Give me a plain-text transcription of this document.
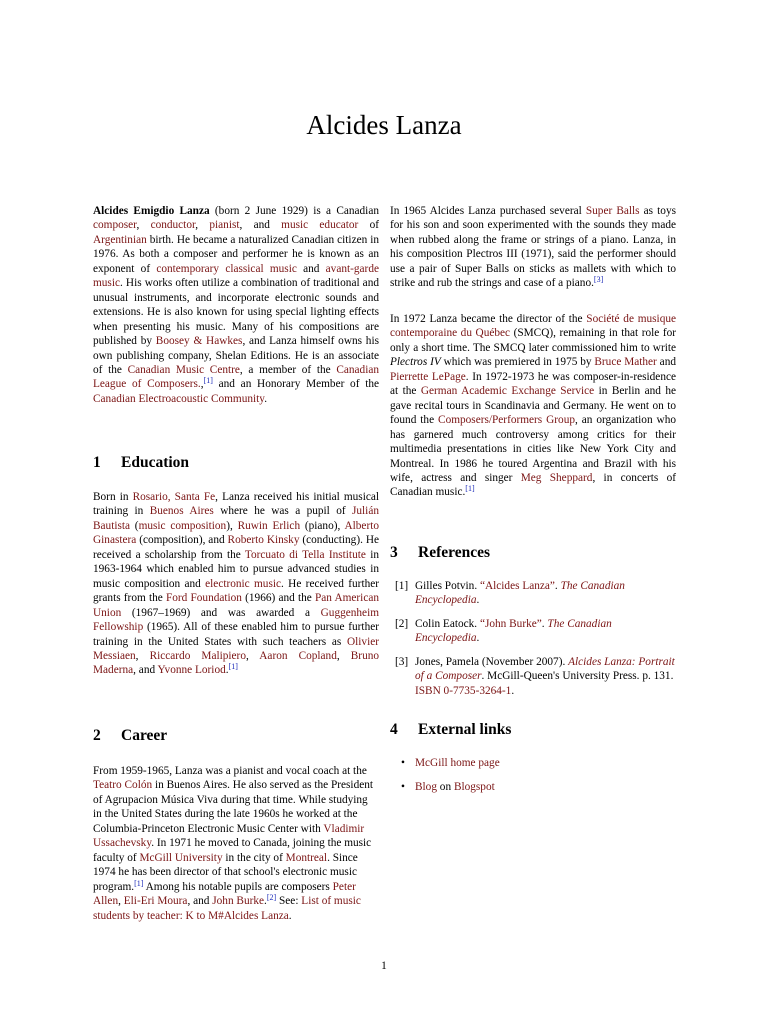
Alcides Lanza

Alcides Emigdio Lanza (born 2 June 1929) is a Canadian composer, conductor, pianist, and music educator of Argentinian birth. He became a naturalized Canadian citizen in 1976. As both a composer and performer he is known as an exponent of contemporary classical music and avant-garde music. His works often utilize a combination of traditional and unusual instruments, and incorporate electronic sounds and extensions. He is also known for using special lighting effects when presenting his music. Many of his compositions are published by Boosey & Hawkes, and Lanza himself owns his own publishing company, Shelan Editions. He is an associate of the Canadian Music Centre, a member of the Canadian League of Composers.,[1] and an Honorary Member of the Canadian Electroacoustic Community.

1 Education

Born in Rosario, Santa Fe, Lanza received his initial musical training in Buenos Aires where he was a pupil of Julián Bautista (music composition), Ruwin Erlich (piano), Alberto Ginastera (composition), and Roberto Kinsky (conducting). He received a scholarship from the Torcuato di Tella Institute in 1963-1964 which enabled him to pursue advanced studies in music composition and electronic music. He received further grants from the Ford Foundation (1966) and the Pan American Union (1967–1969) and was awarded a Guggenheim Fellowship (1965). All of these enabled him to pursue further training in the United States with such teachers as Olivier Messiaen, Riccardo Malipiero, Aaron Copland, Bruno Maderna, and Yvonne Loriod.[1]

2 Career

From 1959-1965, Lanza was a pianist and vocal coach at the Teatro Colón in Buenos Aires. He also served as the President of Agrupacion Música Viva during that time. While studying in the United States during the late 1960s he worked at the Columbia-Princeton Electronic Music Center with Vladimir Ussachevsky. In 1971 he moved to Canada, joining the music faculty of McGill University in the city of Montreal. Since 1974 he has been director of that school's electronic music program.[1] Among his notable pupils are composers Peter Allen, Eli-Eri Moura, and John Burke.[2] See: List of music students by teacher: K to M#Alcides Lanza.

In 1965 Alcides Lanza purchased several Super Balls as toys for his son and soon experimented with the sounds they made when rubbed along the frame or strings of a piano. Lanza, in his composition Plectros III (1971), said the performer should use a pair of Super Balls on sticks as mallets with which to strike and rub the strings and case of a piano.[3]

In 1972 Lanza became the director of the Société de musique contemporaine du Québec (SMCQ), remaining in that role for only a short time. The SMCQ later commissioned him to write Plectros IV which was premiered in 1975 by Bruce Mather and Pierrette LePage. In 1972-1973 he was composer-in-residence at the German Academic Exchange Service in Berlin and he gave recital tours in Scandinavia and Germany. He went on to found the Composers/Performers Group, an organization who has garnered much controversy among critics for their multimedia presentations in cities like New York City and Montreal. In 1986 he toured Argentina and Brazil with his wife, actress and singer Meg Sheppard, in concerts of Canadian music.[1]

3 References
[1] Gilles Potvin. “Alcides Lanza”. The Canadian Encyclopedia.
[2] Colin Eatock. “John Burke”. The Canadian Encyclopedia.
[3] Jones, Pamela (November 2007). Alcides Lanza: Portrait of a Composer. McGill-Queen's University Press. p. 131. ISBN 0-7735-3264-1.
4 External links
• McGill home page
• Blog on Blogspot
1
